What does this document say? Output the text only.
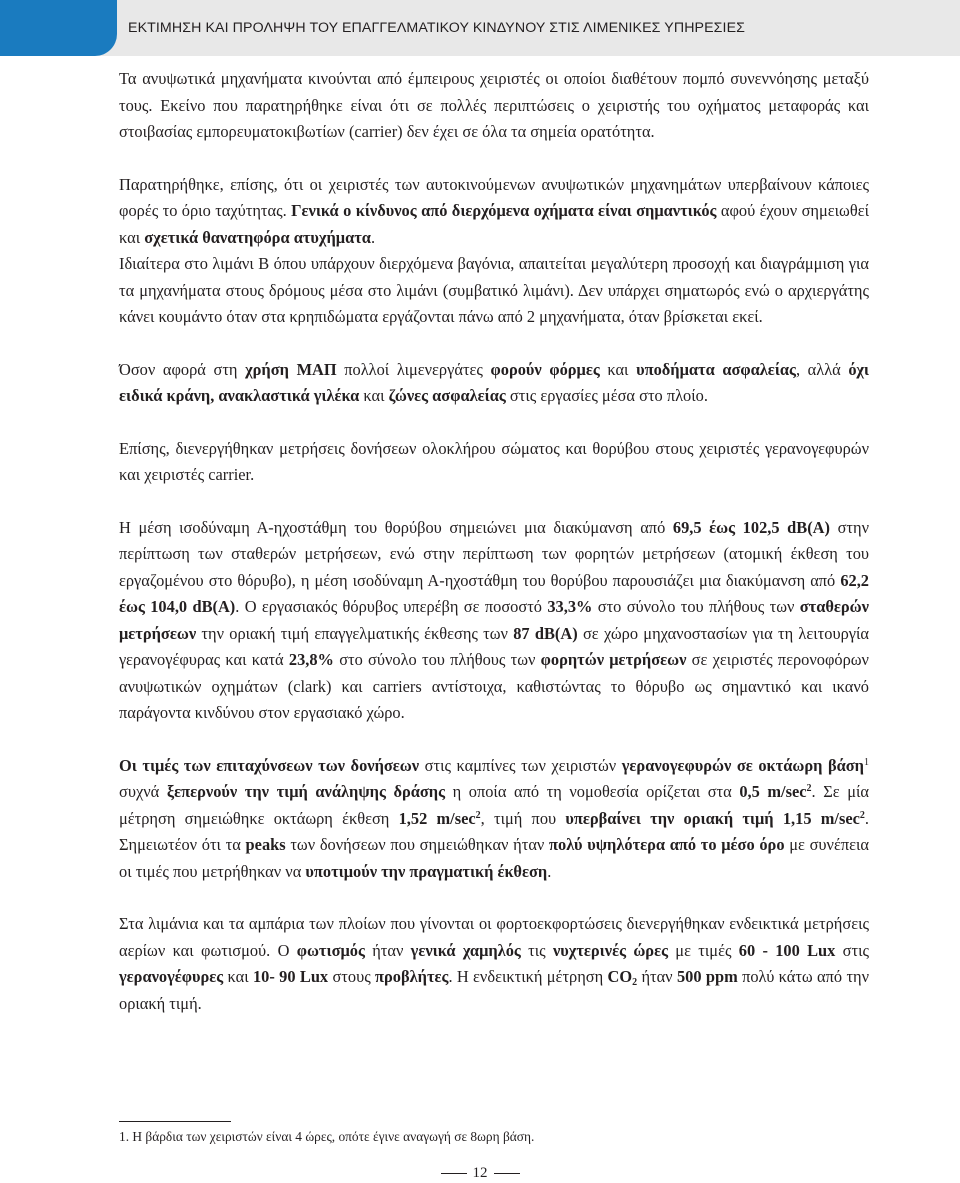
ΕΚΤΙΜΗΣΗ ΚΑΙ ΠΡΟΛΗΨΗ ΤΟΥ ΕΠΑΓΓΕΛΜΑΤΙΚΟΥ ΚΙΝΔΥΝΟΥ ΣΤΙΣ ΛΙΜΕΝΙΚΕΣ ΥΠΗΡΕΣΙΕΣ

Τα ανυψωτικά μηχανήματα κινούνται από έμπειρους χειριστές οι οποίοι διαθέτουν πομπό συνεννόησης μεταξύ τους. Εκείνο που παρατηρήθηκε είναι ότι σε πολλές περιπτώσεις ο χειριστής του οχήματος μεταφοράς και στοιβασίας εμπορευματοκιβωτίων (carrier) δεν έχει σε όλα τα σημεία ορατότητα.

Παρατηρήθηκε, επίσης, ότι οι χειριστές των αυτοκινούμενων ανυψωτικών μηχανημάτων υπερβαίνουν κάποιες φορές το όριο ταχύτητας. Γενικά ο κίνδυνος από διερχόμενα οχήματα είναι σημαντικός αφού έχουν σημειωθεί και σχετικά θανατηφόρα ατυχήματα.

Ιδιαίτερα στο λιμάνι Β όπου υπάρχουν διερχόμενα βαγόνια, απαιτείται μεγαλύτερη προσοχή και διαγράμμιση για τα μηχανήματα στους δρόμους μέσα στο λιμάνι (συμβατικό λιμάνι). Δεν υπάρχει σηματωρός ενώ ο αρχιεργάτης κάνει κουμάντο όταν στα κρηπιδώματα εργάζονται πάνω από 2 μηχανήματα, όταν βρίσκεται εκεί.

Όσον αφορά στη χρήση ΜΑΠ πολλοί λιμενεργάτες φορούν φόρμες και υποδήματα ασφαλείας, αλλά όχι ειδικά κράνη, ανακλαστικά γιλέκα και ζώνες ασφαλείας στις εργασίες μέσα στο πλοίο.

Επίσης, διενεργήθηκαν μετρήσεις δονήσεων ολοκλήρου σώματος και θορύβου στους χειριστές γερανογεφυρών και χειριστές carrier.

Η μέση ισοδύναμη Α-ηχοστάθμη του θορύβου σημειώνει μια διακύμανση από 69,5 έως 102,5 dB(A) στην περίπτωση των σταθερών μετρήσεων, ενώ στην περίπτωση των φορητών μετρήσεων (ατομική έκθεση του εργαζομένου στο θόρυβο), η μέση ισοδύναμη Α-ηχοστάθμη του θορύβου παρουσιάζει μια διακύμανση από 62,2 έως 104,0 dB(A). Ο εργασιακός θόρυβος υπερέβη σε ποσοστό 33,3% στο σύνολο του πλήθους των σταθερών μετρήσεων την οριακή τιμή επαγγελματικής έκθεσης των 87 dB(A) σε χώρο μηχανοστασίων για τη λειτουργία γερανογέφυρας και κατά 23,8% στο σύνολο του πλήθους των φορητών μετρήσεων σε χειριστές περονοφόρων ανυψωτικών οχημάτων (clark) και carriers αντίστοιχα, καθιστώντας το θόρυβο ως σημαντικό και ικανό παράγοντα κινδύνου στον εργασιακό χώρο.

Οι τιμές των επιταχύνσεων των δονήσεων στις καμπίνες των χειριστών γερανογεφυρών σε οκτάωρη βάση$^1$ συχνά ξεπερνούν την τιμή ανάληψης δράσης η οποία από τη νομοθεσία ορίζεται στα 0,5 $m/\sec^2$. Σε μία μέτρηση σημειώθηκε οκτάωρη έκθεση 1,52 $m/\sec^2$, τιμή που υπερβαίνει την οριακή τιμή 1,15 $m/\sec^2$. Σημειωτέον ότι τα peaks των δονήσεων που σημειώθηκαν ήταν πολύ υψηλότερα από το μέσο όρο με συνέπεια οι τιμές που μετρήθηκαν να υποτιμούν την πραγματική έκθεση.

Στα λιμάνια και τα αμπάρια των πλοίων που γίνονται οι φορτοεκφορτώσεις διενεργήθηκαν ενδεικτικά μετρήσεις αερίων και φωτισμού. Ο φωτισμός ήταν γενικά χαμηλός τις νυχτερινές ώρες με τιμές 60 - 100 Lux στις γερανογέφυρες και 10- 90 Lux στους προβλήτες. Η ενδεικτική μέτρηση $CO_2$ ήταν 500 ppm πολύ κάτω από την οριακή τιμή.

1. Η βάρδια των χειριστών είναι 4 ώρες, οπότε έγινε αναγωγή σε 8ωρη βάση.
12
